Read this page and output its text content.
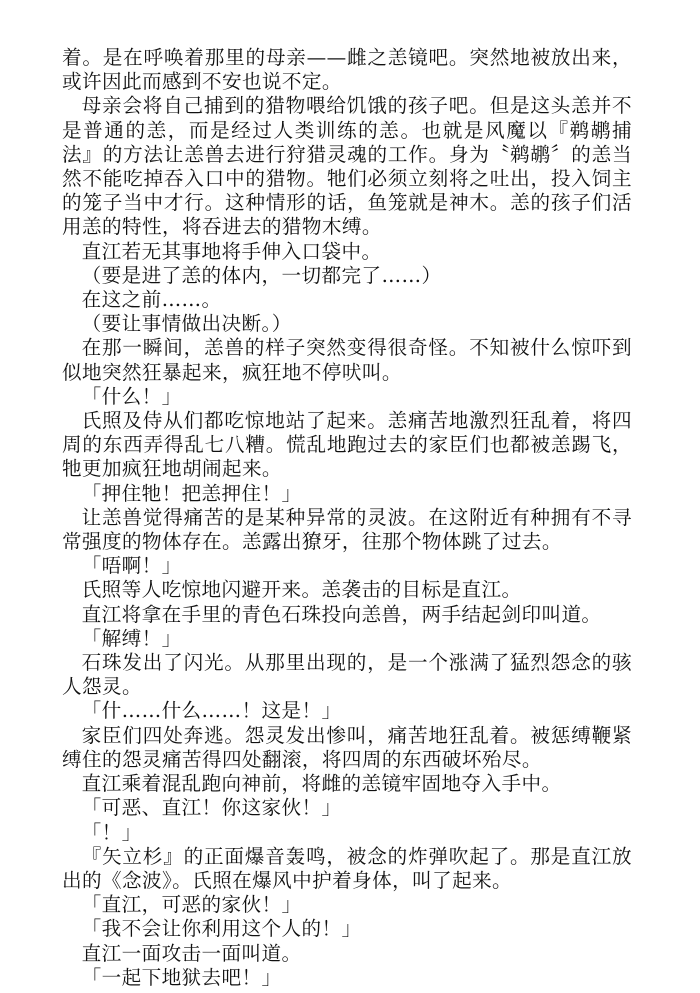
着。是在呼唤着那里的母亲——雌之恙镜吧。突然地被放出来，或许因此而感到不安也说不定。

母亲会将自己捕到的猎物喂给饥饿的孩子吧。但是这头恙并不是普通的恙，而是经过人类训练的恙。也就是风魔以『鹈鹕捕法』的方法让恙兽去进行狩猎灵魂的工作。身为〝鹈鹕〞的恙当然不能吃掉吞入口中的猎物。牠们必须立刻将之吐出，投入饲主的笼子当中才行。这种情形的话，鱼笼就是神木。恙的孩子们活用恙的特性，将吞进去的猎物木缚。

直江若无其事地将手伸入口袋中。

（要是进了恙的体内，一切都完了……）

在这之前……。

（要让事情做出决断。）

在那一瞬间，恙兽的样子突然变得很奇怪。不知被什么惊吓到似地突然狂暴起来，疯狂地不停吠叫。

「什么！」

氏照及侍从们都吃惊地站了起来。恙痛苦地激烈狂乱着，将四周的东西弄得乱七八糟。慌乱地跑过去的家臣们也都被恙踢飞，牠更加疯狂地胡闹起来。

「押住牠！把恙押住！」

让恙兽觉得痛苦的是某种异常的灵波。在这附近有种拥有不寻常强度的物体存在。恙露出獠牙，往那个物体跳了过去。

「唔啊！」

氏照等人吃惊地闪避开来。恙袭击的目标是直江。

直江将拿在手里的青色石珠投向恙兽，两手结起剑印叫道。

「解缚！」

石珠发出了闪光。从那里出现的，是一个涨满了猛烈怨念的骇人怨灵。

「什……什么……！这是！」

家臣们四处奔逃。怨灵发出惨叫，痛苦地狂乱着。被惩缚鞭紧缚住的怨灵痛苦得四处翻滚，将四周的东西破坏殆尽。

直江乘着混乱跑向神前，将雌的恙镜牢固地夺入手中。

「可恶、直江！你这家伙！」

「！」

『矢立杉』的正面爆音轰鸣，被念的炸弹吹起了。那是直江放出的《念波》。氏照在爆风中护着身体，叫了起来。

「直江，可恶的家伙！」

「我不会让你利用这个人的！」

直江一面攻击一面叫道。

「一起下地狱去吧！」
